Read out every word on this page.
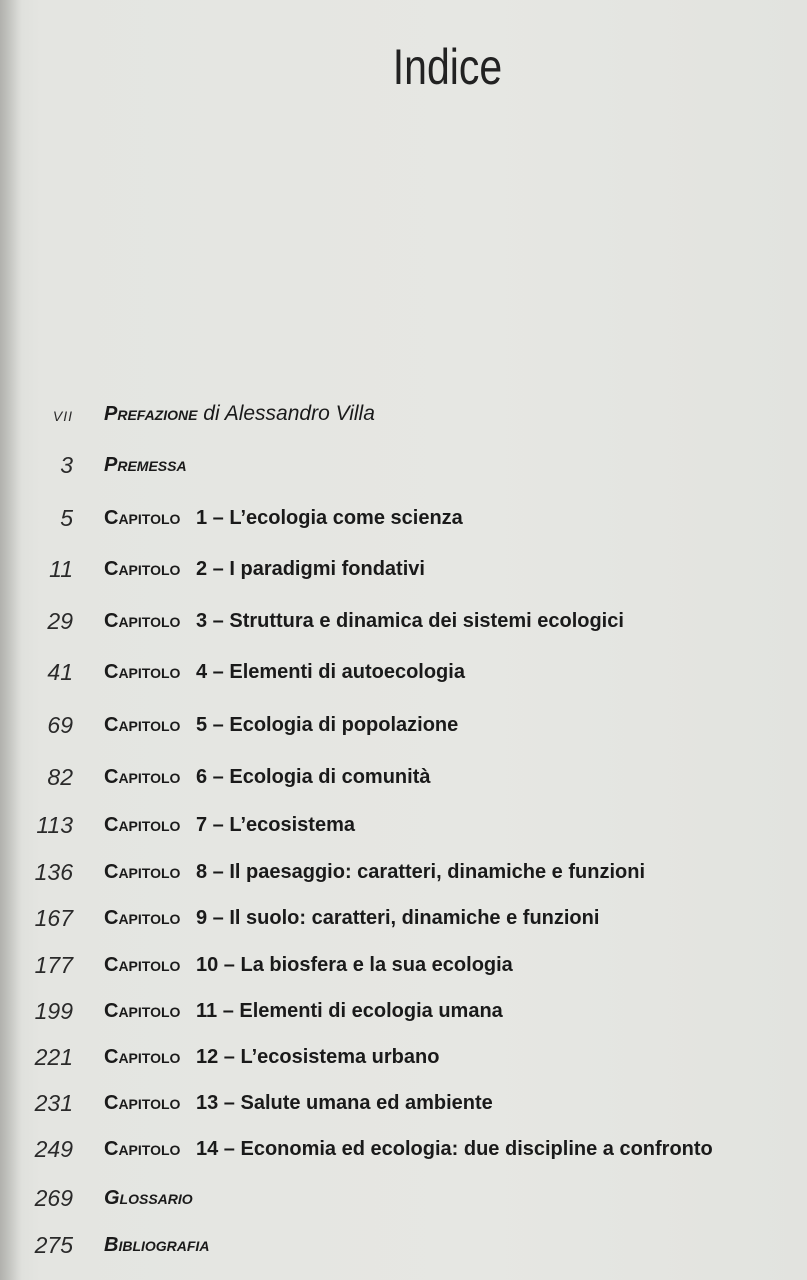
Indice
VII Prefazione di Alessandro Villa
3 Premessa
5 Capitolo 1 – L’ecologia come scienza
11 Capitolo 2 – I paradigmi fondativi
29 Capitolo 3 – Struttura e dinamica dei sistemi ecologici
41 Capitolo 4 – Elementi di autoecologia
69 Capitolo 5 – Ecologia di popolazione
82 Capitolo 6 – Ecologia di comunità
113 Capitolo 7 – L’ecosistema
136 Capitolo 8 – Il paesaggio: caratteri, dinamiche e funzioni
167 Capitolo 9 – Il suolo: caratteri, dinamiche e funzioni
177 Capitolo 10 – La biosfera e la sua ecologia
199 Capitolo 11 – Elementi di ecologia umana
221 Capitolo 12 – L’ecosistema urbano
231 Capitolo 13 – Salute umana ed ambiente
249 Capitolo 14 – Economia ed ecologia: due discipline a confronto
269 Glossario
275 Bibliografia
